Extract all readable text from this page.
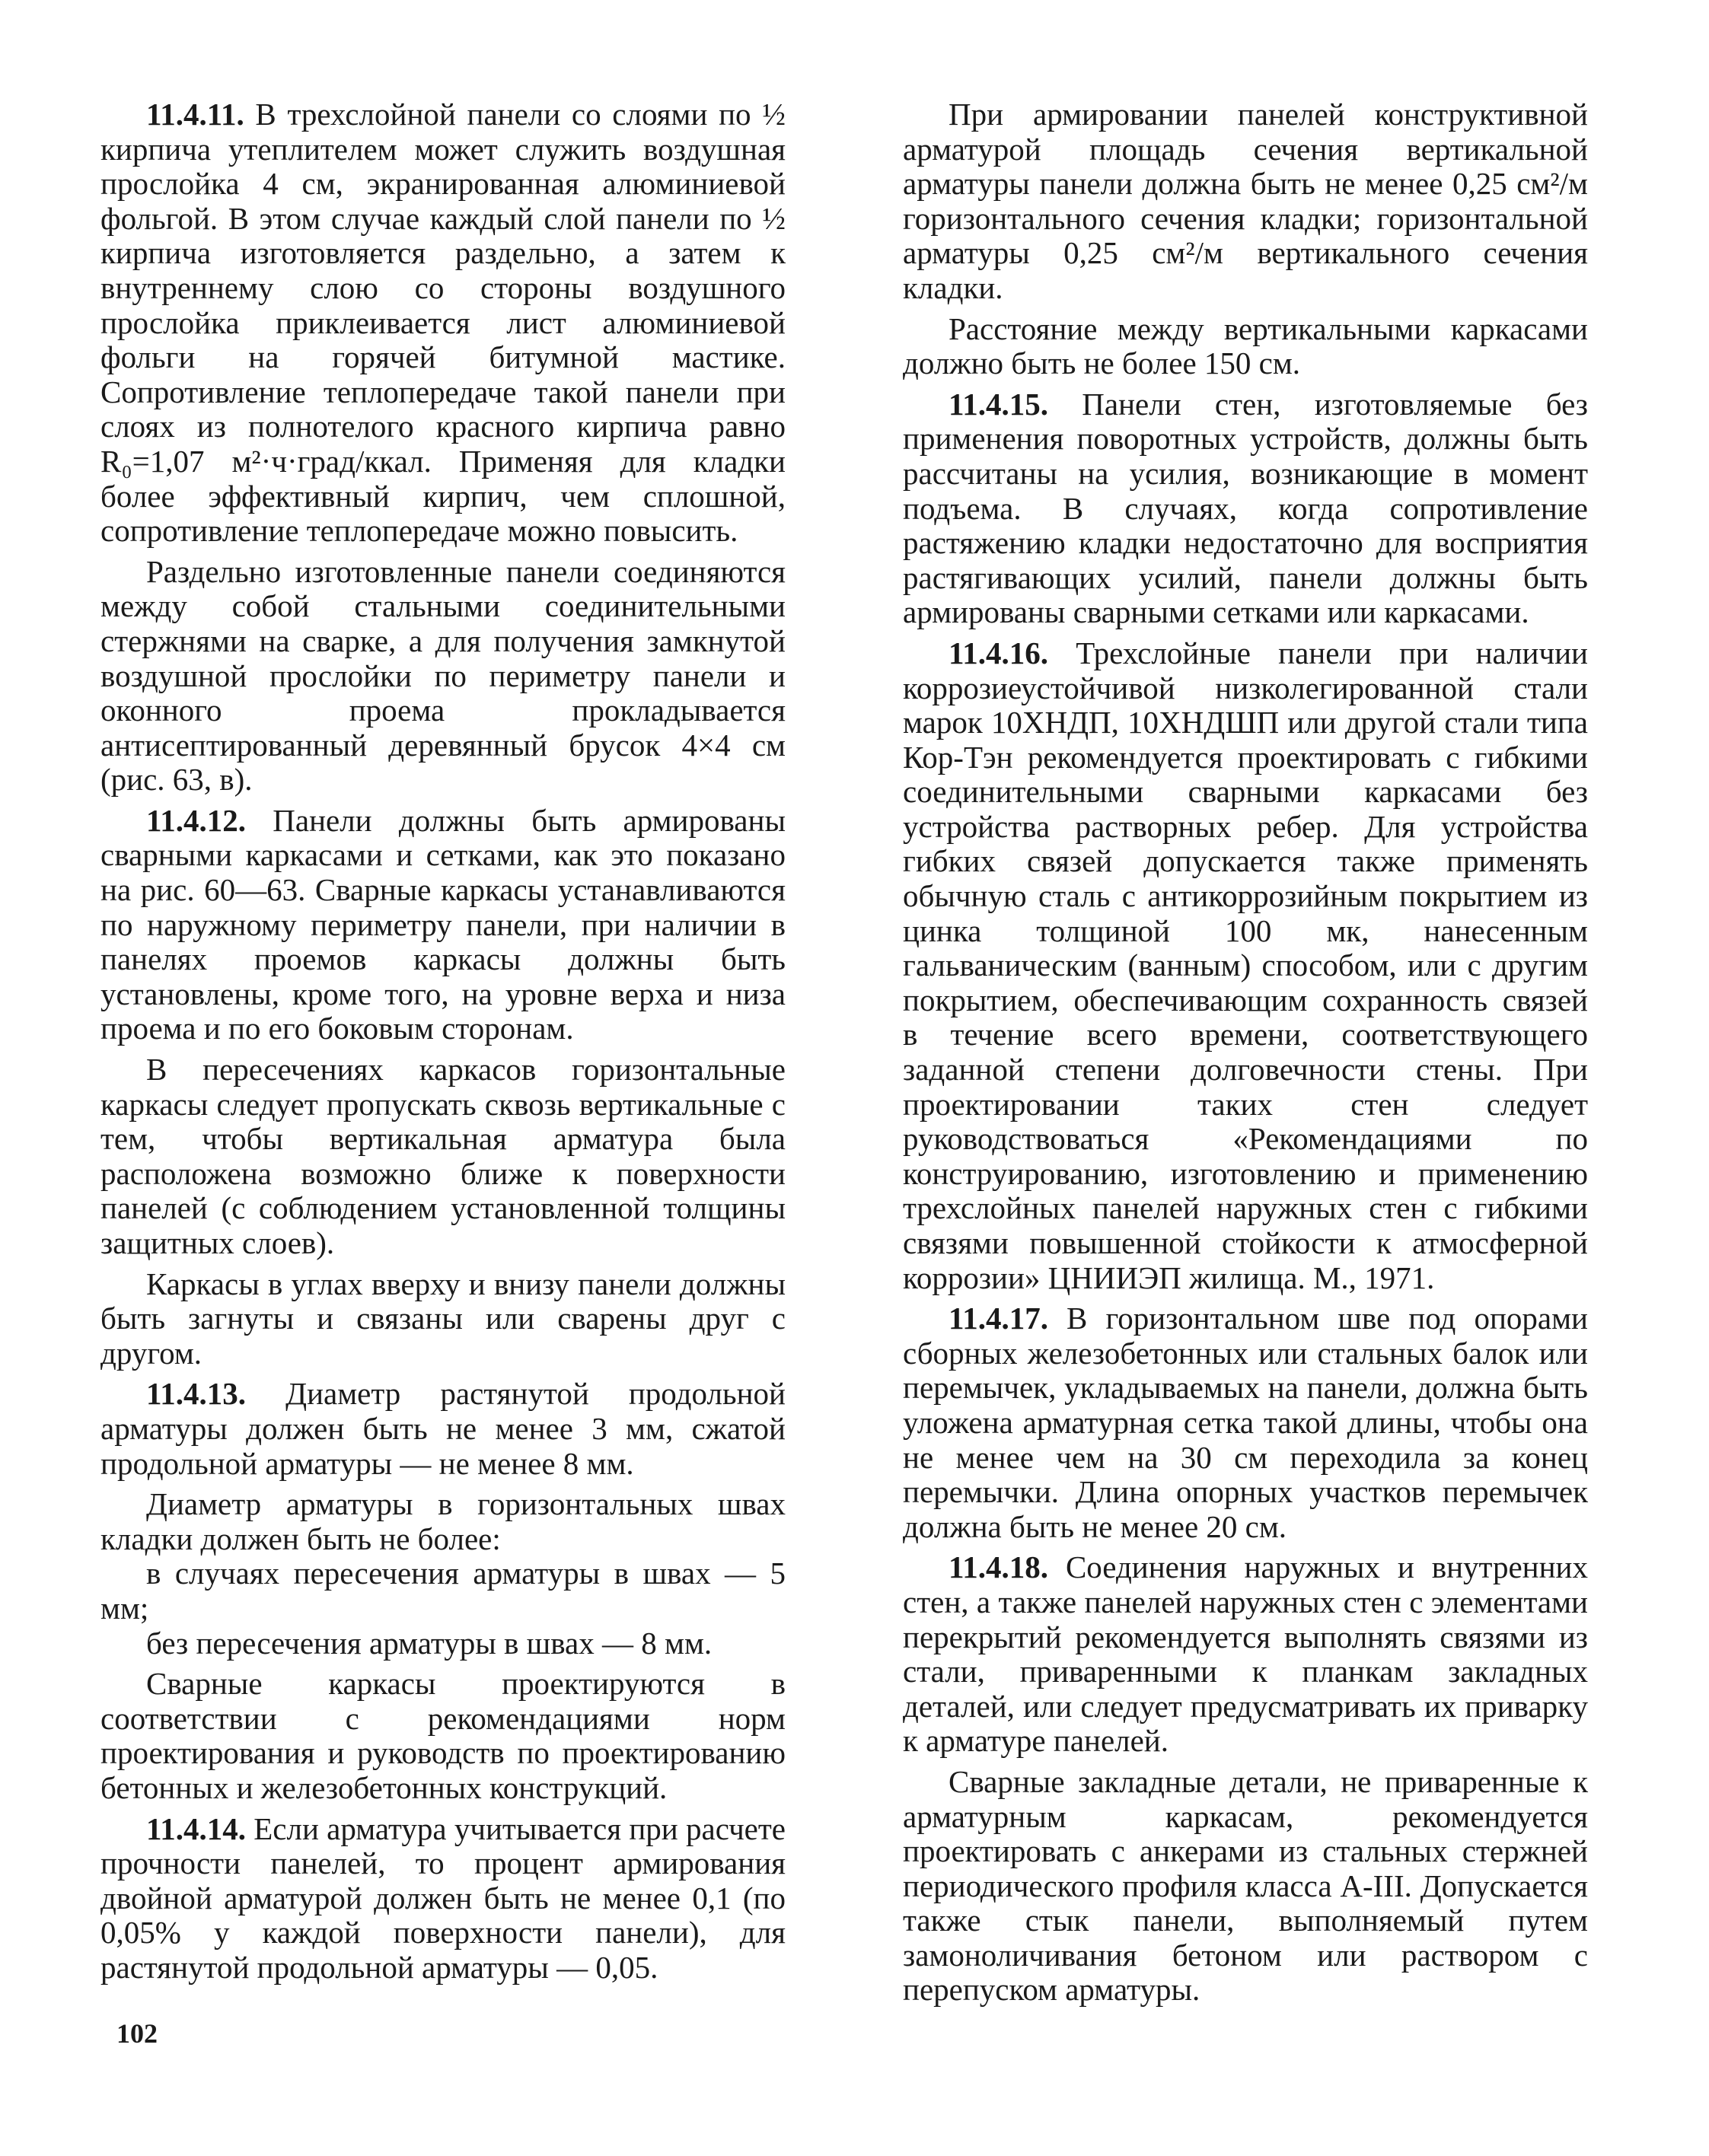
11.4.11. В трехслойной панели со слоями по ½ кирпича утеплителем может служить воздушная прослойка 4 см, экранированная алюминиевой фольгой. В этом случае каждый слой панели по ½ кирпича изготовляется раздельно, а затем к внутреннему слою со стороны воздушного прослойка приклеивается лист алюминиевой фольги на горячей битумной мастике. Сопротивление теплопередаче такой панели при слоях из полнотелого красного кирпича равно R₀=1,07 м²·ч·град/ккал. Применяя для кладки более эффективный кирпич, чем сплошной, сопротивление теплопередаче можно повысить.

Раздельно изготовленные панели соединяются между собой стальными соединительными стержнями на сварке, а для получения замкнутой воздушной прослойки по периметру панели и оконного проема прокладывается антисептированный деревянный брусок 4×4 см (рис. 63, в).

11.4.12. Панели должны быть армированы сварными каркасами и сетками, как это показано на рис. 60—63. Сварные каркасы устанавливаются по наружному периметру панели, при наличии в панелях проемов каркасы должны быть установлены, кроме того, на уровне верха и низа проема и по его боковым сторонам.

В пересечениях каркасов горизонтальные каркасы следует пропускать сквозь вертикальные с тем, чтобы вертикальная арматура была расположена возможно ближе к поверхности панелей (с соблюдением установленной толщины защитных слоев).

Каркасы в углах вверху и внизу панели должны быть загнуты и связаны или сварены друг с другом.

11.4.13. Диаметр растянутой продольной арматуры должен быть не менее 3 мм, сжатой продольной арматуры — не менее 8 мм.

Диаметр арматуры в горизонтальных швах кладки должен быть не более:

в случаях пересечения арматуры в швах — 5 мм;

без пересечения арматуры в швах — 8 мм.

Сварные каркасы проектируются в соответствии с рекомендациями норм проектирования и руководств по проектированию бетонных и железобетонных конструкций.

11.4.14. Если арматура учитывается при расчете прочности панелей, то процент армирования двойной арматурой должен быть не менее 0,1 (по 0,05% у каждой поверхности панели), для растянутой продольной арматуры — 0,05.

При армировании панелей конструктивной арматурой площадь сечения вертикальной арматуры панели должна быть не менее 0,25 см²/м горизонтального сечения кладки; горизонтальной арматуры 0,25 см²/м вертикального сечения кладки.

Расстояние между вертикальными каркасами должно быть не более 150 см.

11.4.15. Панели стен, изготовляемые без применения поворотных устройств, должны быть рассчитаны на усилия, возникающие в момент подъема. В случаях, когда сопротивление растяжению кладки недостаточно для восприятия растягивающих усилий, панели должны быть армированы сварными сетками или каркасами.

11.4.16. Трехслойные панели при наличии коррозиеустойчивой низколегированной стали марок 10ХНДП, 10ХНДШП или другой стали типа Кор-Тэн рекомендуется проектировать с гибкими соединительными сварными каркасами без устройства растворных ребер. Для устройства гибких связей допускается также применять обычную сталь с антикоррозийным покрытием из цинка толщиной 100 мк, нанесенным гальваническим (ванным) способом, или с другим покрытием, обеспечивающим сохранность связей в течение всего времени, соответствующего заданной степени долговечности стены. При проектировании таких стен следует руководствоваться «Рекомендациями по конструированию, изготовлению и применению трехслойных панелей наружных стен с гибкими связями повышенной стойкости к атмосферной коррозии» ЦНИИЭП жилища. М., 1971.

11.4.17. В горизонтальном шве под опорами сборных железобетонных или стальных балок или перемычек, укладываемых на панели, должна быть уложена арматурная сетка такой длины, чтобы она не менее чем на 30 см переходила за конец перемычки. Длина опорных участков перемычек должна быть не менее 20 см.

11.4.18. Соединения наружных и внутренних стен, а также панелей наружных стен с элементами перекрытий рекомендуется выполнять связями из стали, приваренными к планкам закладных деталей, или следует предусматривать их приварку к арматуре панелей.

Сварные закладные детали, не приваренные к арматурным каркасам, рекомендуется проектировать с анкерами из стальных стержней периодического профиля класса А-III. Допускается также стык панели, выполняемый путем замоноличивания бетоном или раствором с перепуском арматуры.

102
